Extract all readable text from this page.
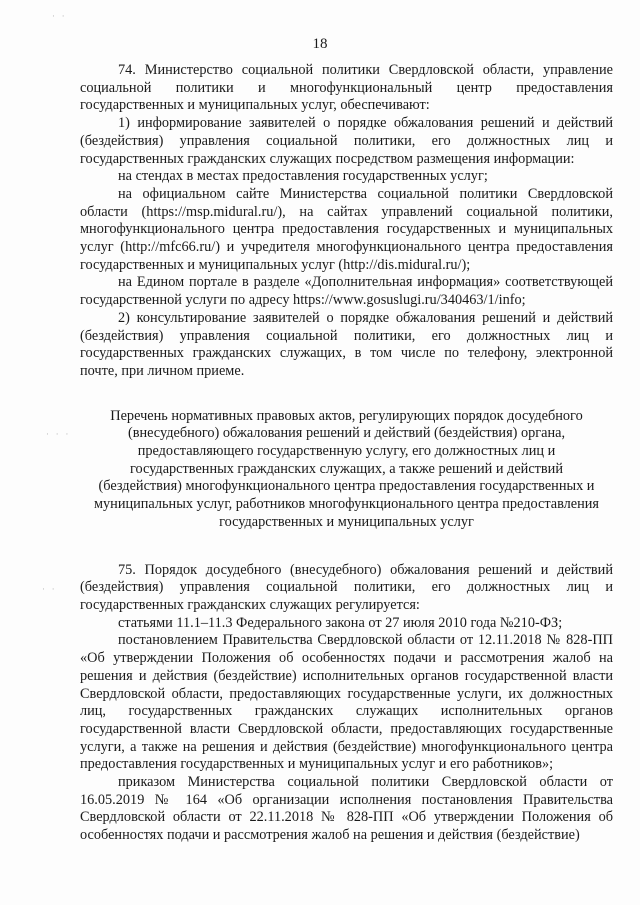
18
· ·
· · ·
· ·

74. Министерство социальной политики Свердловской области, управление социальной политики и многофункциональный центр предоставления государственных и муниципальных услуг, обеспечивают:

1) информирование заявителей о порядке обжалования решений и действий (бездействия) управления социальной политики, его должностных лиц и государственных гражданских служащих посредством размещения информации:

на стендах в местах предоставления государственных услуг;

на официальном сайте Министерства социальной политики Свердловской области (https://msp.midural.ru/), на сайтах управлений социальной политики, многофункционального центра предоставления государственных и муниципальных услуг (http://mfc66.ru/) и учредителя многофункционального центра предоставления государственных и муниципальных услуг (http://dis.midural.ru/);

на Едином портале в разделе «Дополнительная информация» соответствующей государственной услуги по адресу https://www.gosuslugi.ru/340463/1/info;

2) консультирование заявителей о порядке обжалования решений и действий (бездействия) управления социальной политики, его должностных лиц и государственных гражданских служащих, в том числе по телефону, электронной почте, при личном приеме.

Перечень нормативных правовых актов, регулирующих порядок досудебного (внесудебного) обжалования решений и действий (бездействия) органа, предоставляющего государственную услугу, его должностных лиц и государственных гражданских служащих, а также решений и действий (бездействия) многофункционального центра предоставления государственных и муниципальных услуг, работников многофункционального центра предоставления государственных и муниципальных услуг

75. Порядок досудебного (внесудебного) обжалования решений и действий (бездействия) управления социальной политики, его должностных лиц и государственных гражданских служащих регулируется:

статьями 11.1–11.3 Федерального закона от 27 июля 2010 года №210-ФЗ;

постановлением Правительства Свердловской области от 12.11.2018 № 828-ПП «Об утверждении Положения об особенностях подачи и рассмотрения жалоб на решения и действия (бездействие) исполнительных органов государственной власти Свердловской области, предоставляющих государственные услуги, их должностных лиц, государственных гражданских служащих исполнительных органов государственной власти Свердловской области, предоставляющих государственные услуги, а также на решения и действия (бездействие) многофункционального центра предоставления государственных и муниципальных услуг и его работников»;

приказом Министерства социальной политики Свердловской области от 16.05.2019 № 164 «Об организации исполнения постановления Правительства Свердловской области от 22.11.2018 № 828-ПП «Об утверждении Положения об особенностях подачи и рассмотрения жалоб на решения и действия (бездействие)
